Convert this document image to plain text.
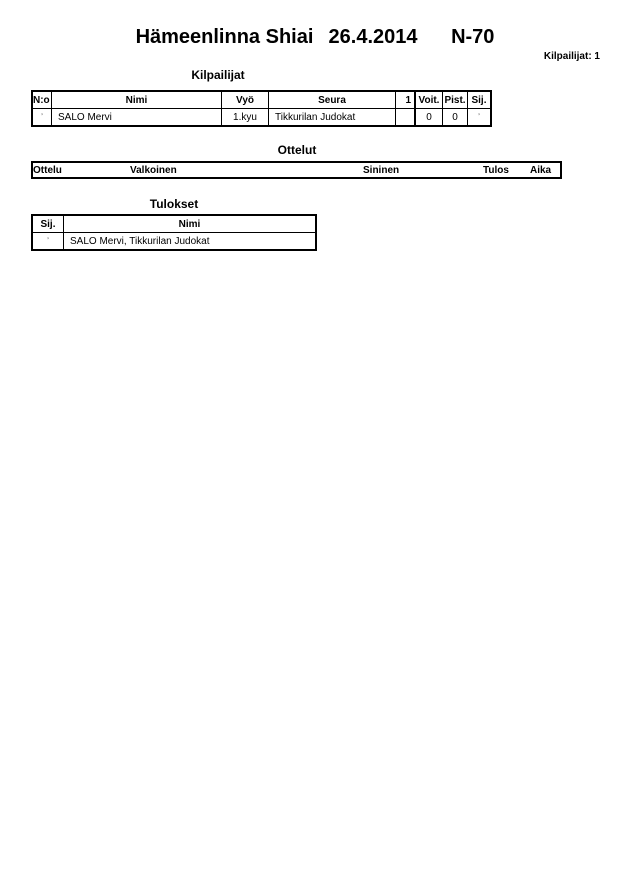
Hämeenlinna Shiai 26.4.2014 N-70
Kilpailijat: 1
Kilpailijat
N:o	Nimi	Vyö	Seura	1	Voit.	Pist.	Sij.
ʼ	SALO Mervi	1.kyu	Tikkurilan Judokat		0	0	ʼ
Ottelut
Ottelu	Valkoinen	Sininen	Tulos	Aika
Tulokset
Sij.	Nimi
ʼ	SALO Mervi, Tikkurilan Judokat
